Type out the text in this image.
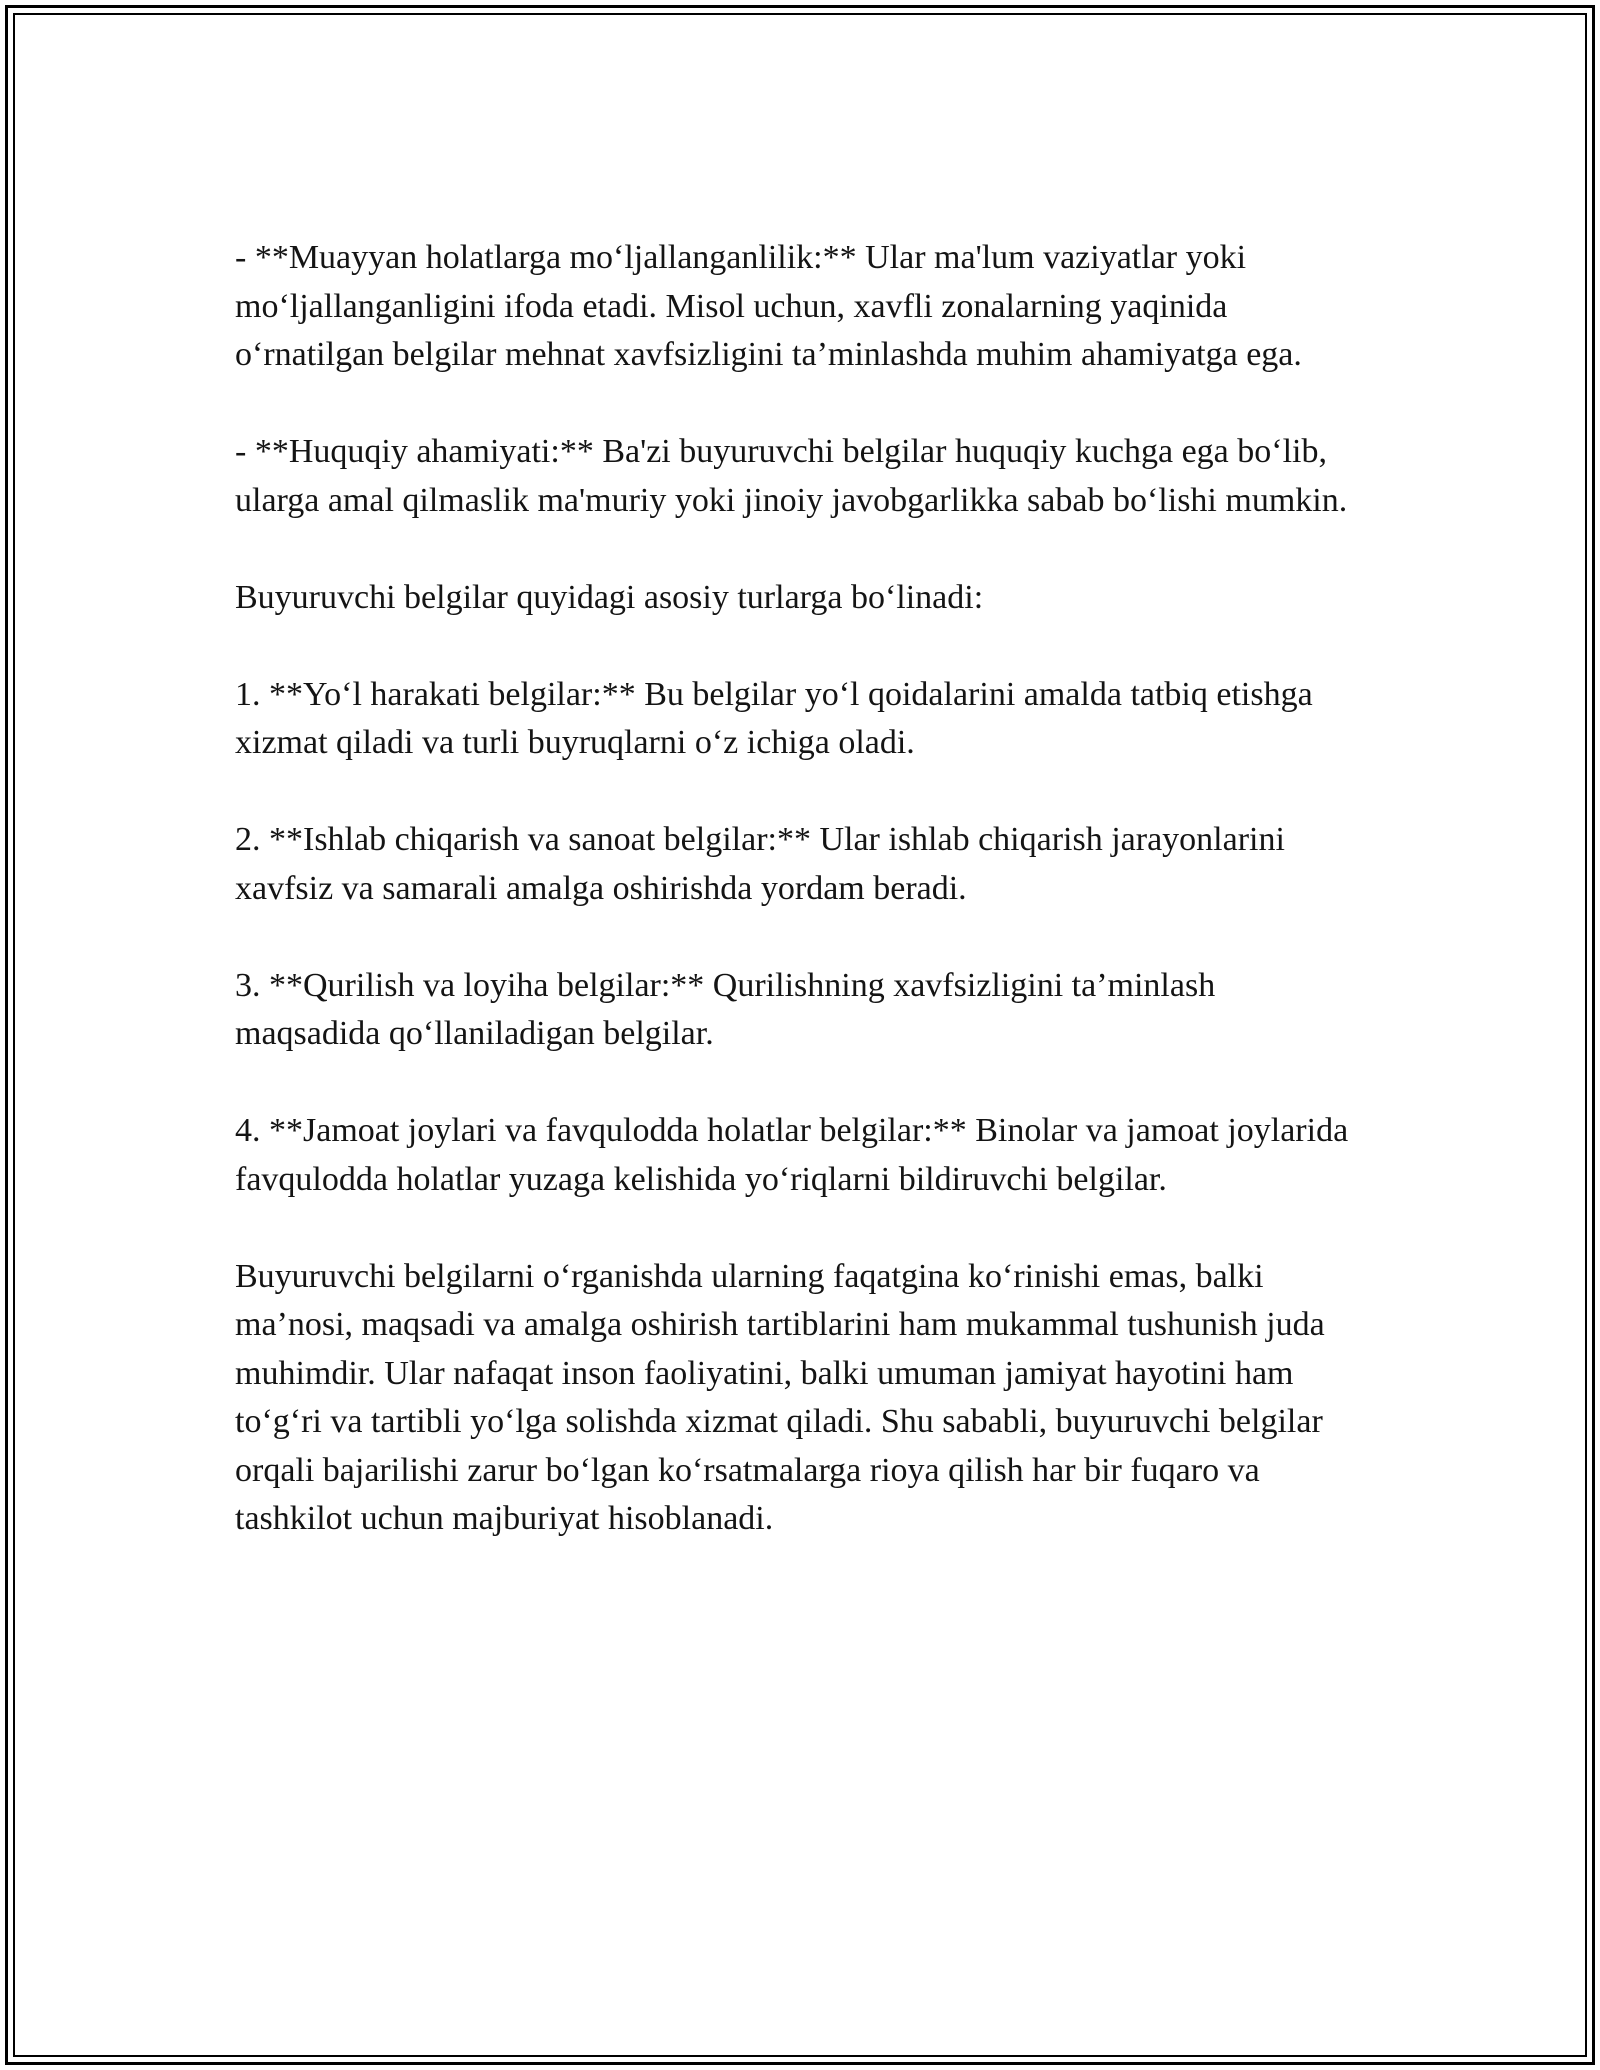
- **Muayyan holatlarga mo‘ljallanganlilik:** Ular ma'lum vaziyatlar yoki mo‘ljallanganligini ifoda etadi. Misol uchun, xavfli zonalarning yaqinida o‘rnatilgan belgilar mehnat xavfsizligini ta’minlashda muhim ahamiyatga ega.

- **Huquqiy ahamiyati:** Ba'zi buyuruvchi belgilar huquqiy kuchga ega bo‘lib, ularga amal qilmaslik ma'muriy yoki jinoiy javobgarlikka sabab bo‘lishi mumkin.

Buyuruvchi belgilar quyidagi asosiy turlarga bo‘linadi:

1. **Yo‘l harakati belgilar:** Bu belgilar yo‘l qoidalarini amalda tatbiq etishga xizmat qiladi va turli buyruqlarni o‘z ichiga oladi.

2. **Ishlab chiqarish va sanoat belgilar:** Ular ishlab chiqarish jarayonlarini xavfsiz va samarali amalga oshirishda yordam beradi.

3. **Qurilish va loyiha belgilar:** Qurilishning xavfsizligini ta’minlash maqsadida qo‘llaniladigan belgilar.

4. **Jamoat joylari va favqulodda holatlar belgilar:** Binolar va jamoat joylarida favqulodda holatlar yuzaga kelishida yo‘riqlarni bildiruvchi belgilar.

Buyuruvchi belgilarni o‘rganishda ularning faqatgina ko‘rinishi emas, balki ma’nosi, maqsadi va amalga oshirish tartiblarini ham mukammal tushunish juda muhimdir. Ular nafaqat inson faoliyatini, balki umuman jamiyat hayotini ham to‘g‘ri va tartibli yo‘lga solishda xizmat qiladi. Shu sababli, buyuruvchi belgilar orqali bajarilishi zarur bo‘lgan ko‘rsatmalarga rioya qilish har bir fuqaro va tashkilot uchun majburiyat hisoblanadi.
